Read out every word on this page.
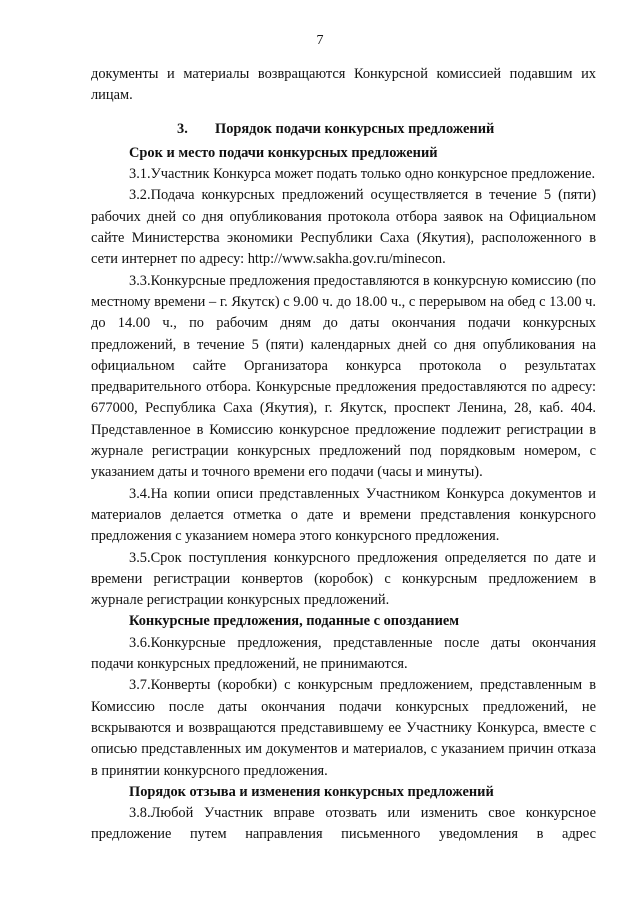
7

документы и материалы возвращаются Конкурсной комиссией подавшим их лицам.

3. Порядок подачи конкурсных предложений

Срок и место подачи конкурсных предложений

3.1.Участник Конкурса может подать только одно конкурсное предложение.

3.2.Подача конкурсных предложений осуществляется в течение 5 (пяти) рабочих дней со дня опубликования протокола отбора заявок на Официальном сайте Министерства экономики Республики Саха (Якутия), расположенного в сети интернет по адресу: http://www.sakha.gov.ru/minecon.

3.3.Конкурсные предложения предоставляются в конкурсную комиссию (по местному времени – г. Якутск) с 9.00 ч. до 18.00 ч., с перерывом на обед с 13.00 ч. до 14.00 ч., по рабочим дням до даты окончания подачи конкурсных предложений, в течение 5 (пяти) календарных дней со дня опубликования на официальном сайте Организатора конкурса протокола о результатах предварительного отбора. Конкурсные предложения предоставляются по адресу: 677000, Республика Саха (Якутия), г. Якутск, проспект Ленина, 28, каб. 404. Представленное в Комиссию конкурсное предложение подлежит регистрации в журнале регистрации конкурсных предложений под порядковым номером, с указанием даты и точного времени его подачи (часы и минуты).

3.4.На копии описи представленных Участником Конкурса документов и материалов делается отметка о дате и времени представления конкурсного предложения с указанием номера этого конкурсного предложения.

3.5.Срок поступления конкурсного предложения определяется по дате и времени регистрации конвертов (коробок) с конкурсным предложением в журнале регистрации конкурсных предложений.

Конкурсные предложения, поданные с опозданием

3.6.Конкурсные предложения, представленные после даты окончания подачи конкурсных предложений, не принимаются.

3.7.Конверты (коробки) с конкурсным предложением, представленным в Комиссию после даты окончания подачи конкурсных предложений, не вскрываются и возвращаются представившему ее Участнику Конкурса, вместе с описью представленных им документов и материалов, с указанием причин отказа в принятии конкурсного предложения.

Порядок отзыва и изменения конкурсных предложений

3.8.Любой Участник вправе отозвать или изменить свое конкурсное предложение путем направления письменного уведомления в адрес
